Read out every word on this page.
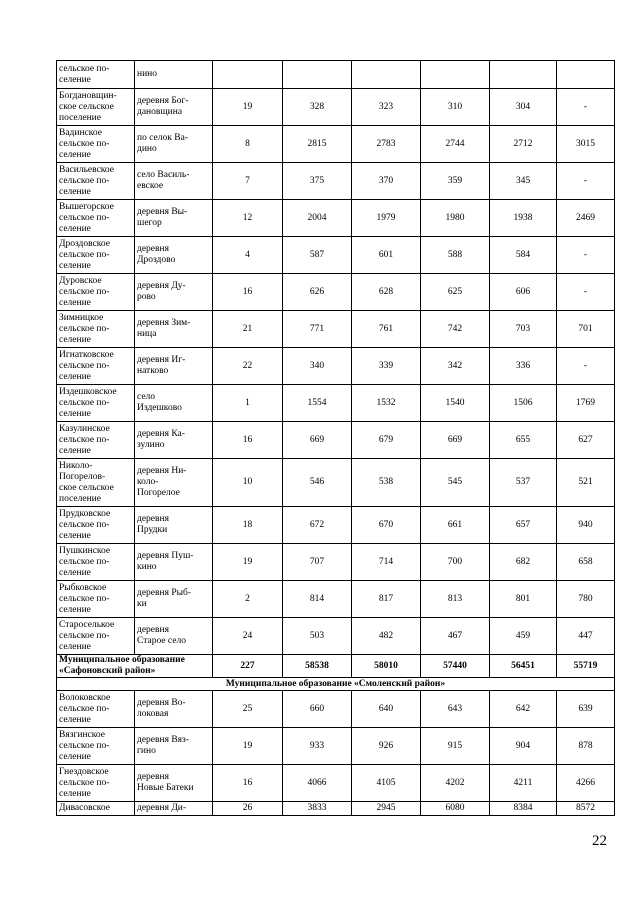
сельское по-
селение	нино						

Богдановщин-
ское сельское
поселение	деревня Бог-
дановщина	19	328	323	310	304	-

Вадинское
сельское по-
селение	по селок Ва-
дино	8	2815	2783	2744	2712	3015

Васильевское
сельское по-
селение	село Василь-
евское	7	375	370	359	345	-

Вышегорское
сельское по-
селение	деревня Вы-
шегор	12	2004	1979	1980	1938	2469

Дроздовское
сельское по-
селение	деревня
Дроздово	4	587	601	588	584	-

Дуровское
сельское по-
селение	деревня Ду-
рово	16	626	628	625	606	-

Зимницкое
сельское по-
селение	деревня Зим-
ница	21	771	761	742	703	701

Игнатковское
сельское по-
селение	деревня Иг-
натково	22	340	339	342	336	-

Издешковское
сельское по-
селение	село
Издешково	1	1554	1532	1540	1506	1769

Казулинское
сельское по-
селение	деревня Ка-
зулино	16	669	679	669	655	627

Николо-
Погорелов-
ское сельское
поселение	деревня Ни-
коло-
Погорелое	10	546	538	545	537	521

Прудковское
сельское по-
селение	деревня
Прудки	18	672	670	661	657	940

Пушкинское
сельское по-
селение	деревня Пуш-
кино	19	707	714	700	682	658

Рыбковское
сельское по-
селение	деревня Рыб-
ки	2	814	817	813	801	780

Староселькое
сельское по-
селение	деревня
Старое село	24	503	482	467	459	447

Муниципальное образование
«Сафоновский район»		227	58538	58010	57440	56451	55719
Муниципальное образование «Смоленский район»							

Волоковское
сельское по-
селение	деревня Во-
локовая	25	660	640	643	642	639

Вязгинское
сельское по-
селение	деревня Вяз-
гино	19	933	926	915	904	878

Гнездовское
сельское по-
селение	деревня
Новые Батеки	16	4066	4105	4202	4211	4266

Дивасовское	деревня Ди-	26	3833	2945	6080	8384	8572
22
